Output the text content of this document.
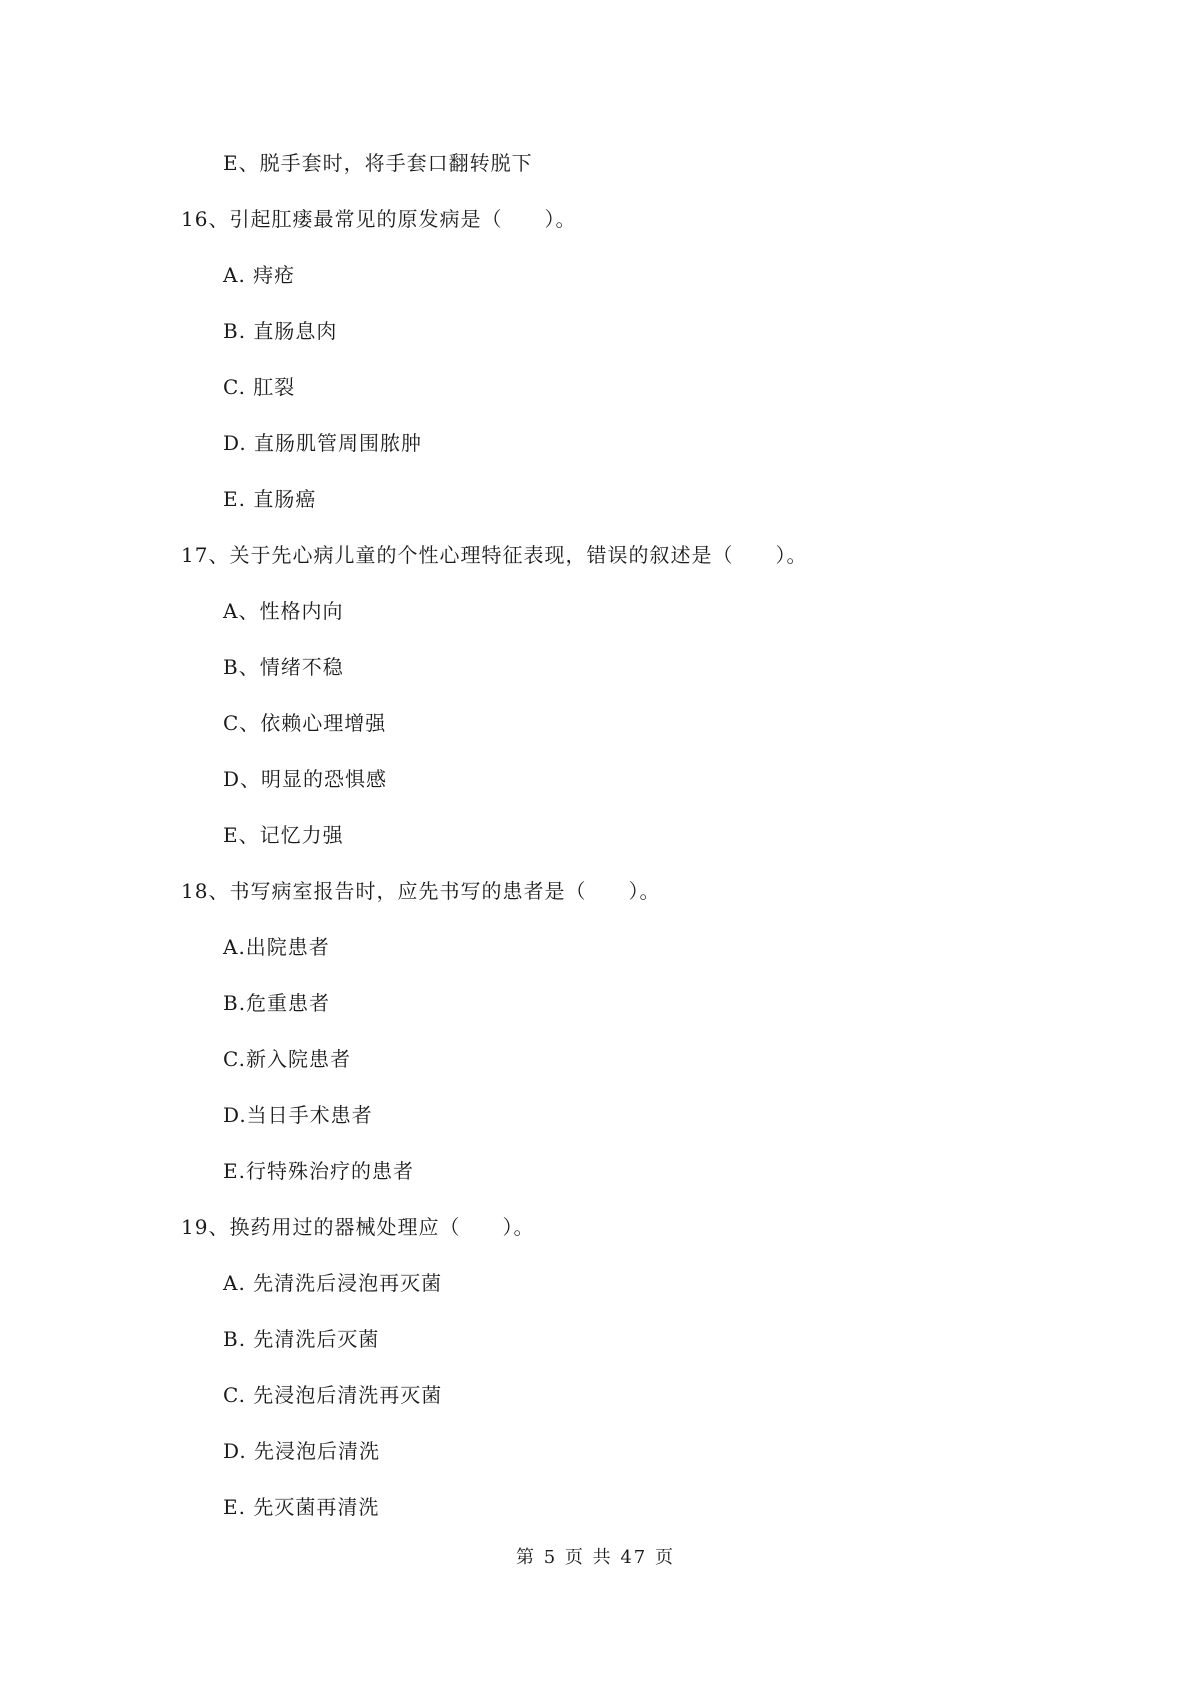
E、脱手套时，将手套口翻转脱下
16、引起肛瘘最常见的原发病是（　　）。
A. 痔疮
B. 直肠息肉
C. 肛裂
D. 直肠肌管周围脓肿
E. 直肠癌
17、关于先心病儿童的个性心理特征表现，错误的叙述是（　　）。
A、性格内向
B、情绪不稳
C、依赖心理增强
D、明显的恐惧感
E、记忆力强
18、书写病室报告时，应先书写的患者是（　　）。
A.出院患者
B.危重患者
C.新入院患者
D.当日手术患者
E.行特殊治疗的患者
19、换药用过的器械处理应（　　）。
A. 先清洗后浸泡再灭菌
B. 先清洗后灭菌
C. 先浸泡后清洗再灭菌
D. 先浸泡后清洗
E. 先灭菌再清洗
第 5 页 共 47 页
